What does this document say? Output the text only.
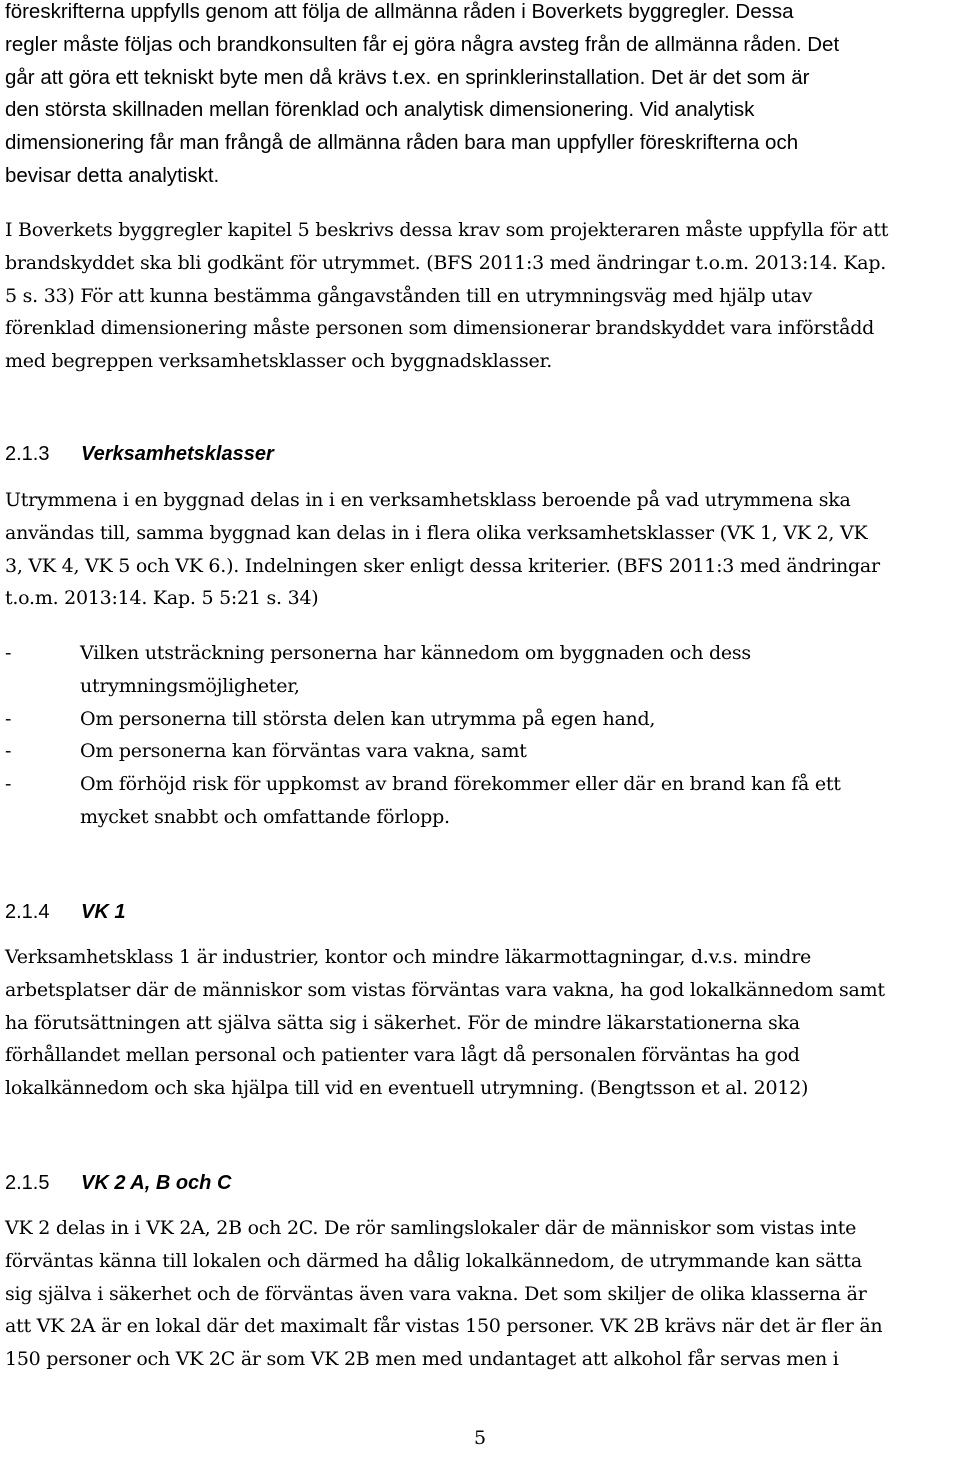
föreskrifterna uppfylls genom att följa de allmänna råden i Boverkets byggregler. Dessa
regler måste följas och brandkonsulten får ej göra några avsteg från de allmänna råden. Det
går att göra ett tekniskt byte men då krävs t.ex. en sprinklerinstallation. Det är det som är
den största skillnaden mellan förenklad och analytisk dimensionering. Vid analytisk
dimensionering får man frångå de allmänna råden bara man uppfyller föreskrifterna och
bevisar detta analytiskt.
I Boverkets byggregler kapitel 5 beskrivs dessa krav som projekteraren måste uppfylla för att
brandskyddet ska bli godkänt för utrymmet. (BFS 2011:3 med ändringar t.o.m. 2013:14. Kap.
5 s. 33) För att kunna bestämma gångavstånden till en utrymningsväg med hjälp utav
förenklad dimensionering måste personen som dimensionerar brandskyddet vara införstådd
med begreppen verksamhetsklasser och byggnadsklasser.
2.1.3 Verksamhetsklasser
Utrymmena i en byggnad delas in i en verksamhetsklass beroende på vad utrymmena ska
användas till, samma byggnad kan delas in i flera olika verksamhetsklasser (VK 1, VK 2, VK
3, VK 4, VK 5 och VK 6.). Indelningen sker enligt dessa kriterier. (BFS 2011:3 med ändringar
t.o.m. 2013:14. Kap. 5 5:21 s. 34)
-	Vilken utsträckning personerna har kännedom om byggnaden och dess
utrymningsmöjligheter,
-	Om personerna till största delen kan utrymma på egen hand,
-	Om personerna kan förväntas vara vakna, samt
-	Om förhöjd risk för uppkomst av brand förekommer eller där en brand kan få ett
mycket snabbt och omfattande förlopp.
2.1.4 VK 1
Verksamhetsklass 1 är industrier, kontor och mindre läkarmottagningar, d.v.s. mindre
arbetsplatser där de människor som vistas förväntas vara vakna, ha god lokalkännedom samt
ha förutsättningen att själva sätta sig i säkerhet. För de mindre läkarstationerna ska
förhållandet mellan personal och patienter vara lågt då personalen förväntas ha god
lokalkännedom och ska hjälpa till vid en eventuell utrymning. (Bengtsson et al. 2012)
2.1.5 VK 2 A, B och C
VK 2 delas in i VK 2A, 2B och 2C. De rör samlingslokaler där de människor som vistas inte
förväntas känna till lokalen och därmed ha dålig lokalkännedom, de utrymmande kan sätta
sig själva i säkerhet och de förväntas även vara vakna. Det som skiljer de olika klasserna är
att VK 2A är en lokal där det maximalt får vistas 150 personer. VK 2B krävs när det är fler än
150 personer och VK 2C är som VK 2B men med undantaget att alkohol får servas men i
5
